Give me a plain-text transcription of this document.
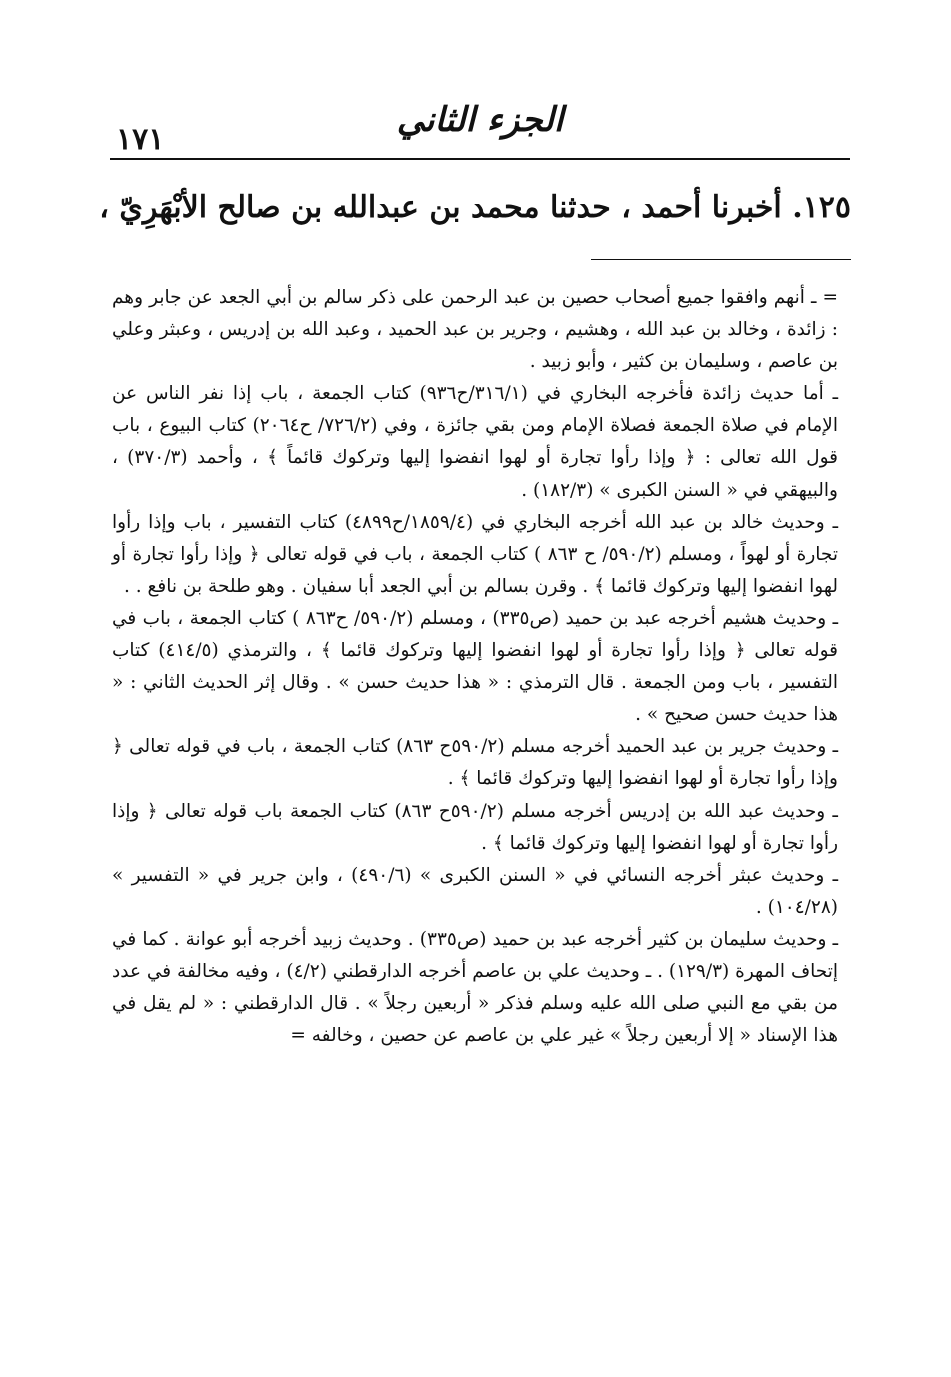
١٧١	الجزء الثاني
١٢٥. أخبرنا أحمد ، حدثنا محمد بن عبدالله بن صالح الأبْهَرِيّ ،

= ـ أنهم وافقوا جميع أصحاب حصين بن عبد الرحمن على ذكر سالم بن أبي الجعد عن جابر وهم : زائدة ، وخالد بن عبد الله ، وهشيم ، وجرير بن عبد الحميد ، وعبد الله بن إدريس ، وعبثر وعلي بن عاصم ، وسليمان بن كثير ، وأبو زبيد .

ـ أما حديث زائدة فأخرجه البخاري في (٣١٦/١/ح٩٣٦) كتاب الجمعة ، باب إذا نفر الناس عن الإمام في صلاة الجمعة فصلاة الإمام ومن بقي جائزة ، وفي (٧٢٦/٢/ ح٢٠٦٤) كتاب البيوع ، باب قول الله تعالى : ﴿ وإذا رأوا تجارة أو لهوا انفضوا إليها وتركوك قائماً ﴾ ، وأحمد (٣٧٠/٣) ، والبيهقي في « السنن الكبرى » (١٨٢/٣) .

ـ وحديث خالد بن عبد الله أخرجه البخاري في (١٨٥٩/٤/ح٤٨٩٩) كتاب التفسير ، باب وإذا رأوا تجارة أو لهواً ، ومسلم (٥٩٠/٢/ ح ٨٦٣ ) كتاب الجمعة ، باب في قوله تعالى ﴿ وإذا رأوا تجارة أو لهوا انفضوا إليها وتركوك قائما ﴾ . وقرن بسالم بن أبي الجعد أبا سفيان . وهو طلحة بن نافع . .

ـ وحديث هشيم أخرجه عبد بن حميد (ص٣٣٥) ، ومسلم (٥٩٠/٢/ ح٨٦٣ ) كتاب الجمعة ، باب في قوله تعالى ﴿ وإذا رأوا تجارة أو لهوا انفضوا إليها وتركوك قائما ﴾ ، والترمذي (٤١٤/٥) كتاب التفسير ، باب ومن الجمعة . قال الترمذي : « هذا حديث حسن » . وقال إثر الحديث الثاني : « هذا حديث حسن صحيح » .

ـ وحديث جرير بن عبد الحميد أخرجه مسلم (٥٩٠/٢ح ٨٦٣) كتاب الجمعة ، باب في قوله تعالى ﴿ وإذا رأوا تجارة أو لهوا انفضوا إليها وتركوك قائما ﴾ .

ـ وحديث عبد الله بن إدريس أخرجه مسلم (٥٩٠/٢ح ٨٦٣) كتاب الجمعة باب قوله تعالى ﴿ وإذا رأوا تجارة أو لهوا انفضوا إليها وتركوك قائما ﴾ .

ـ وحديث عبثر أخرجه النسائي في « السنن الكبرى » (٤٩٠/٦) ، وابن جرير في « التفسير » (١٠٤/٢٨) .

ـ وحديث سليمان بن كثير أخرجه عبد بن حميد (ص٣٣٥) . وحديث زبيد أخرجه أبو عوانة . كما في إتحاف المهرة (١٢٩/٣) . ـ وحديث علي بن عاصم أخرجه الدارقطني (٤/٢) ، وفيه مخالفة في عدد من بقي مع النبي صلى الله عليه وسلم فذكر « أربعين رجلاً » . قال الدارقطني : « لم يقل في هذا الإسناد « إلا أربعين رجلاً » غير علي بن عاصم عن حصين ، وخالفه =
